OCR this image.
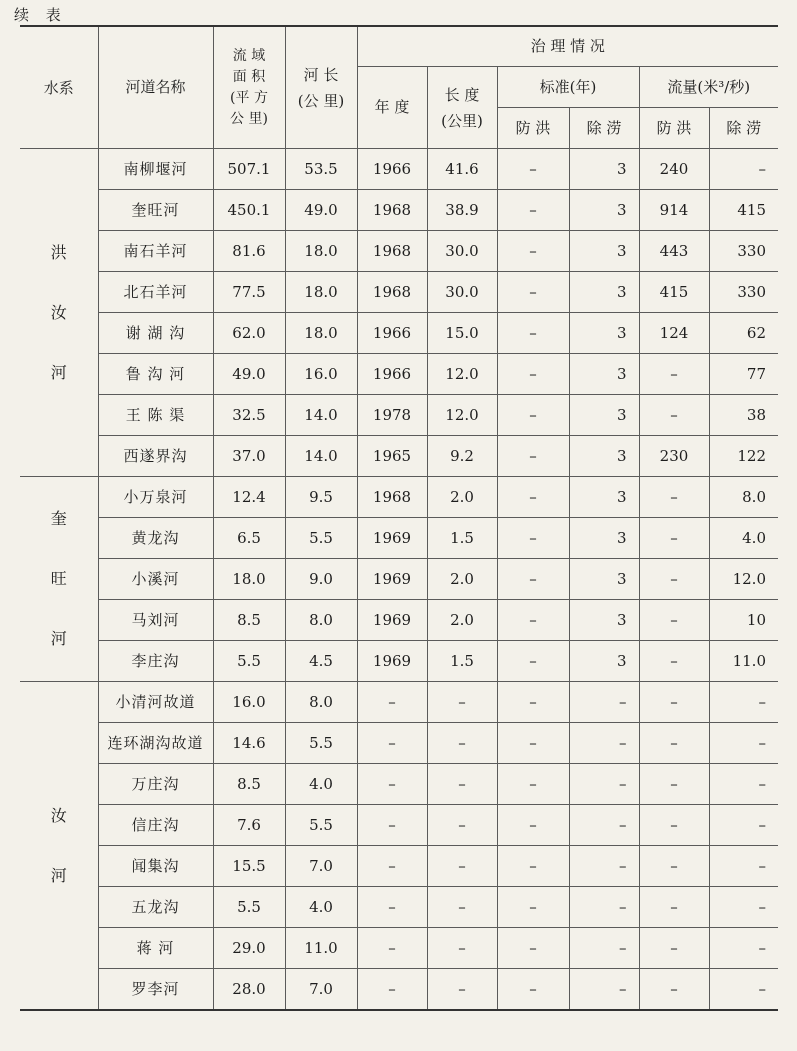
续 表
水系	河道名称	流 域
面 积
(平 方
公 里)	河 长
(公 里)	治 理 情 况					
				年 度	长 度
(公里)	标准(年)		流量(米³/秒)	
						防 洪	除 涝	防 洪	除 涝

洪
汝
河	南柳堰河	507.1	53.5	1966	41.6	–	3	240	–
	奎旺河	450.1	49.0	1968	38.9	–	3	914	415
	南石羊河	81.6	18.0	1968	30.0	–	3	443	330
	北石羊河	77.5	18.0	1968	30.0	–	3	415	330
	谢 湖 沟	62.0	18.0	1966	15.0	–	3	124	62
	鲁 沟 河	49.0	16.0	1966	12.0	–	3	–	77
	王 陈 渠	32.5	14.0	1978	12.0	–	3	–	38
	西遂界沟	37.0	14.0	1965	9.2	–	3	230	122

奎
旺
河	小万泉河	12.4	9.5	1968	2.0	–	3	–	8.0
	黄龙沟	6.5	5.5	1969	1.5	–	3	–	4.0
	小溪河	18.0	9.0	1969	2.0	–	3	–	12.0
	马刘河	8.5	8.0	1969	2.0	–	3	–	10
	李庄沟	5.5	4.5	1969	1.5	–	3	–	11.0

汝
河	小清河故道	16.0	8.0	–	–	–	–	–	–
	连环湖沟故道	14.6	5.5	–	–	–	–	–	–
	万庄沟	8.5	4.0	–	–	–	–	–	–
	信庄沟	7.6	5.5	–	–	–	–	–	–
	闻集沟	15.5	7.0	–	–	–	–	–	–
	五龙沟	5.5	4.0	–	–	–	–	–	–
	蒋 河	29.0	11.0	–	–	–	–	–	–
	罗李河	28.0	7.0	–	–	–	–	–	–
